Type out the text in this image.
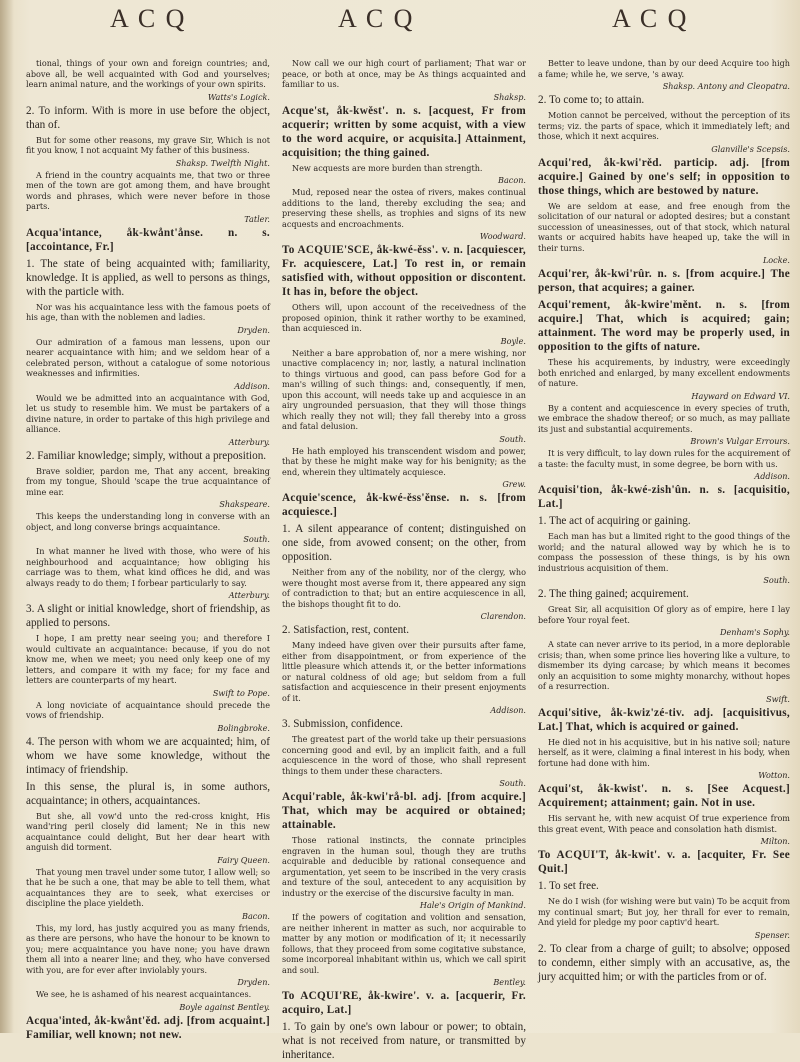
A C Q	A C Q	A C Q
tional, things of your own and foreign countries; and, above all, be well acquainted with God and yourselves; learn animal nature, and the workings of your own spirits.
Watts's Logick.
2. To inform. With is more in use before the object, than of.
But for some other reasons, my grave Sir, Which is not fit you know, I not acquaint My father of this business.
Shaksp. Twelfth Night.
A friend in the country acquaints me, that two or three men of the town are got among them, and have brought words and phrases, which were never before in those parts.
Tatler.
Acqua'intance, åk-kwånt'ånse. n. s. [accointance, Fr.]
1. The state of being acquainted with; familiarity, knowledge. It is applied, as well to persons as things, with the particle with.
Nor was his acquaintance less with the famous poets of his age, than with the noblemen and ladies.
Dryden.
Our admiration of a famous man lessens, upon our nearer acquaintance with him; and we seldom hear of a celebrated person, without a catalogue of some notorious weaknesses and infirmities.
Addison.
Would we be admitted into an acquaintance with God, let us study to resemble him. We must be partakers of a divine nature, in order to partake of this high privilege and alliance.
Atterbury.
2. Familiar knowledge; simply, without a preposition.
Brave soldier, pardon me, That any accent, breaking from my tongue, Should 'scape the true acquaintance of mine ear.
Shakspeare.
This keeps the understanding long in converse with an object, and long converse brings acquaintance.
South.
In what manner he lived with those, who were of his neighbourhood and acquaintance; how obliging his carriage was to them, what kind offices he did, and was always ready to do them; I forbear particularly to say.
Atterbury.
3. A slight or initial knowledge, short of friendship, as applied to persons.
I hope, I am pretty near seeing you; and therefore I would cultivate an acquaintance: because, if you do not know me, when we meet; you need only keep one of my letters, and compare it with my face; for my face and letters are counterparts of my heart.
Swift to Pope.
A long noviciate of acquaintance should precede the vows of friendship.
Bolingbroke.
4. The person with whom we are acquainted; him, of whom we have some knowledge, without the intimacy of friendship.
In this sense, the plural is, in some authors, acquaintance; in others, acquaintances.
But she, all vow'd unto the red-cross knight, His wand'ring peril closely did lament; Ne in this new acquaintance could delight, But her dear heart with anguish did torment.
Fairy Queen.
That young men travel under some tutor, I allow well; so that he be such a one, that may be able to tell them, what acquaintances they are to seek, what exercises or discipline the place yieldeth.
Bacon.
This, my lord, has justly acquired you as many friends, as there are persons, who have the honour to be known to you; mere acquaintance you have none; you have drawn them all into a nearer line; and they, who have conversed with you, are for ever after inviolably yours.
Dryden.
We see, he is ashamed of his nearest acquaintances.
Boyle against Bentley.
Acqua'inted, åk-kwånt'ěd. adj. [from acquaint.] Familiar, well known; not new.
Now call we our high court of parliament; That war or peace, or both at once, may be As things acquainted and familiar to us.
Shaksp.
Acque'st, åk-kwěst'. n. s. [acquest, Fr from acquerir; written by some acquist, with a view to the word acquire, or acquisita.] Attainment, acquisition; the thing gained.
New acquests are more burden than strength.
Bacon.
Mud, reposed near the ostea of rivers, makes continual additions to the land, thereby excluding the sea; and preserving these shells, as trophies and signs of its new acquests and encroachments.
Woodward.
To ACQUIE'SCE, åk-kwé-ěss'. v. n. [acquiescer, Fr. acquiescere, Lat.] To rest in, or remain satisfied with, without opposition or discontent. It has in, before the object.
Others will, upon account of the receivedness of the proposed opinion, think it rather worthy to be examined, than acquiesced in.
Boyle.
Neither a bare approbation of, nor a mere wishing, nor unactive complacency in; nor, lastly, a natural inclination to things virtuous and good, can pass before God for a man's willing of such things: and, consequently, if men, upon this account, will needs take up and acquiesce in an airy ungrounded persuasion, that they will those things which really they not will; they fall thereby into a gross and fatal delusion.
South.
He hath employed his transcendent wisdom and power, that by these he might make way for his benignity; as the end, wherein they ultimately acquiesce.
Grew.
Acquie'scence, åk-kwé-ěss'ěnse. n. s. [from acquiesce.]
1. A silent appearance of content; distinguished on one side, from avowed consent; on the other, from opposition.
Neither from any of the nobility, nor of the clergy, who were thought most averse from it, there appeared any sign of contradiction to that; but an entire acquiescence in all, the bishops thought fit to do.
Clarendon.
2. Satisfaction, rest, content.
Many indeed have given over their pursuits after fame, either from disappointment, or from experience of the little pleasure which attends it, or the better informations or natural coldness of old age; but seldom from a full satisfaction and acquiescence in their present enjoyments of it.
Addison.
3. Submission, confidence.
The greatest part of the world take up their persuasions concerning good and evil, by an implicit faith, and a full acquiescence in the word of those, who shall represent things to them under these characters.
South.
Acqui'rable, åk-kwi'rå-bl. adj. [from acquire.] That, which may be acquired or obtained; attainable.
Those rational instincts, the connate principles engraven in the human soul, though they are truths acquirable and deducible by rational consequence and argumentation, yet seem to be inscribed in the very crasis and texture of the soul, antecedent to any acquisition by industry or the exercise of the discursive faculty in man.
Hale's Origin of Mankind.
If the powers of cogitation and volition and sensation, are neither inherent in matter as such, nor acquirable to matter by any motion or modification of it; it necessarily follows, that they proceed from some cogitative substance, some incorporeal inhabitant within us, which we call spirit and soul.
Bentley.
To ACQUI'RE, åk-kwire'. v. a. [acquerir, Fr. acquiro, Lat.]
1. To gain by one's own labour or power; to obtain, what is not received from nature, or transmitted by inheritance.
Better to leave undone, than by our deed Acquire too high a fame; while he, we serve, 's away.
Shaksp. Antony and Cleopatra.
2. To come to; to attain.
Motion cannot be perceived, without the perception of its terms; viz. the parts of space, which it immediately left; and those, which it next acquires.
Glanville's Scepsis.
Acqui'red, åk-kwi'rěd. particip. adj. [from acquire.] Gained by one's self; in opposition to those things, which are bestowed by nature.
We are seldom at ease, and free enough from the solicitation of our natural or adopted desires; but a constant succession of uneasinesses, out of that stock, which natural wants or acquired habits have heaped up, take the will in their turns.
Locke.
Acqui'rer, åk-kwi'rûr. n. s. [from acquire.] The person, that acquires; a gainer.
Acqui'rement, åk-kwire'měnt. n. s. [from acquire.] That, which is acquired; gain; attainment. The word may be properly used, in opposition to the gifts of nature.
These his acquirements, by industry, were exceedingly both enriched and enlarged, by many excellent endowments of nature.
Hayward on Edward VI.
By a content and acquiescence in every species of truth, we embrace the shadow thereof; or so much, as may palliate its just and substantial acquirements.
Brown's Vulgar Errours.
It is very difficult, to lay down rules for the acquirement of a taste: the faculty must, in some degree, be born with us.
Addison.
Acquisi'tion, åk-kwé-zish'ûn. n. s. [acquisitio, Lat.]
1. The act of acquiring or gaining.
Each man has but a limited right to the good things of the world; and the natural allowed way by which he is to compass the possession of these things, is by his own industrious acquisition of them.
South.
2. The thing gained; acquirement.
Great Sir, all acquisition Of glory as of empire, here I lay before Your royal feet.
Denham's Sophy.
A state can never arrive to its period, in a more deplorable crisis; than, when some prince lies hovering like a vulture, to dismember its dying carcase; by which means it becomes only an acquisition to some mighty monarchy, without hopes of a resurrection.
Swift.
Acqui'sitive, åk-kwiz'zé-tiv. adj. [acquisitivus, Lat.] That, which is acquired or gained.
He died not in his acquisitive, but in his native soil; nature herself, as it were, claiming a final interest in his body, when fortune had done with him.
Wotton.
Acqui'st, åk-kwist'. n. s. [See Acquest.] Acquirement; attainment; gain. Not in use.
His servant he, with new acquist Of true experience from this great event, With peace and consolation hath dismist.
Milton.
To ACQUI'T, åk-kwit'. v. a. [acquiter, Fr. See Quit.]
1. To set free.
Ne do I wish (for wishing were but vain) To be acquit from my continual smart; But joy, her thrall for ever to remain, And yield for pledge my poor captiv'd heart.
Spenser.
2. To clear from a charge of guilt; to absolve; opposed to condemn, either simply with an accusative, as, the jury acquitted him; or with the particles from or of.
